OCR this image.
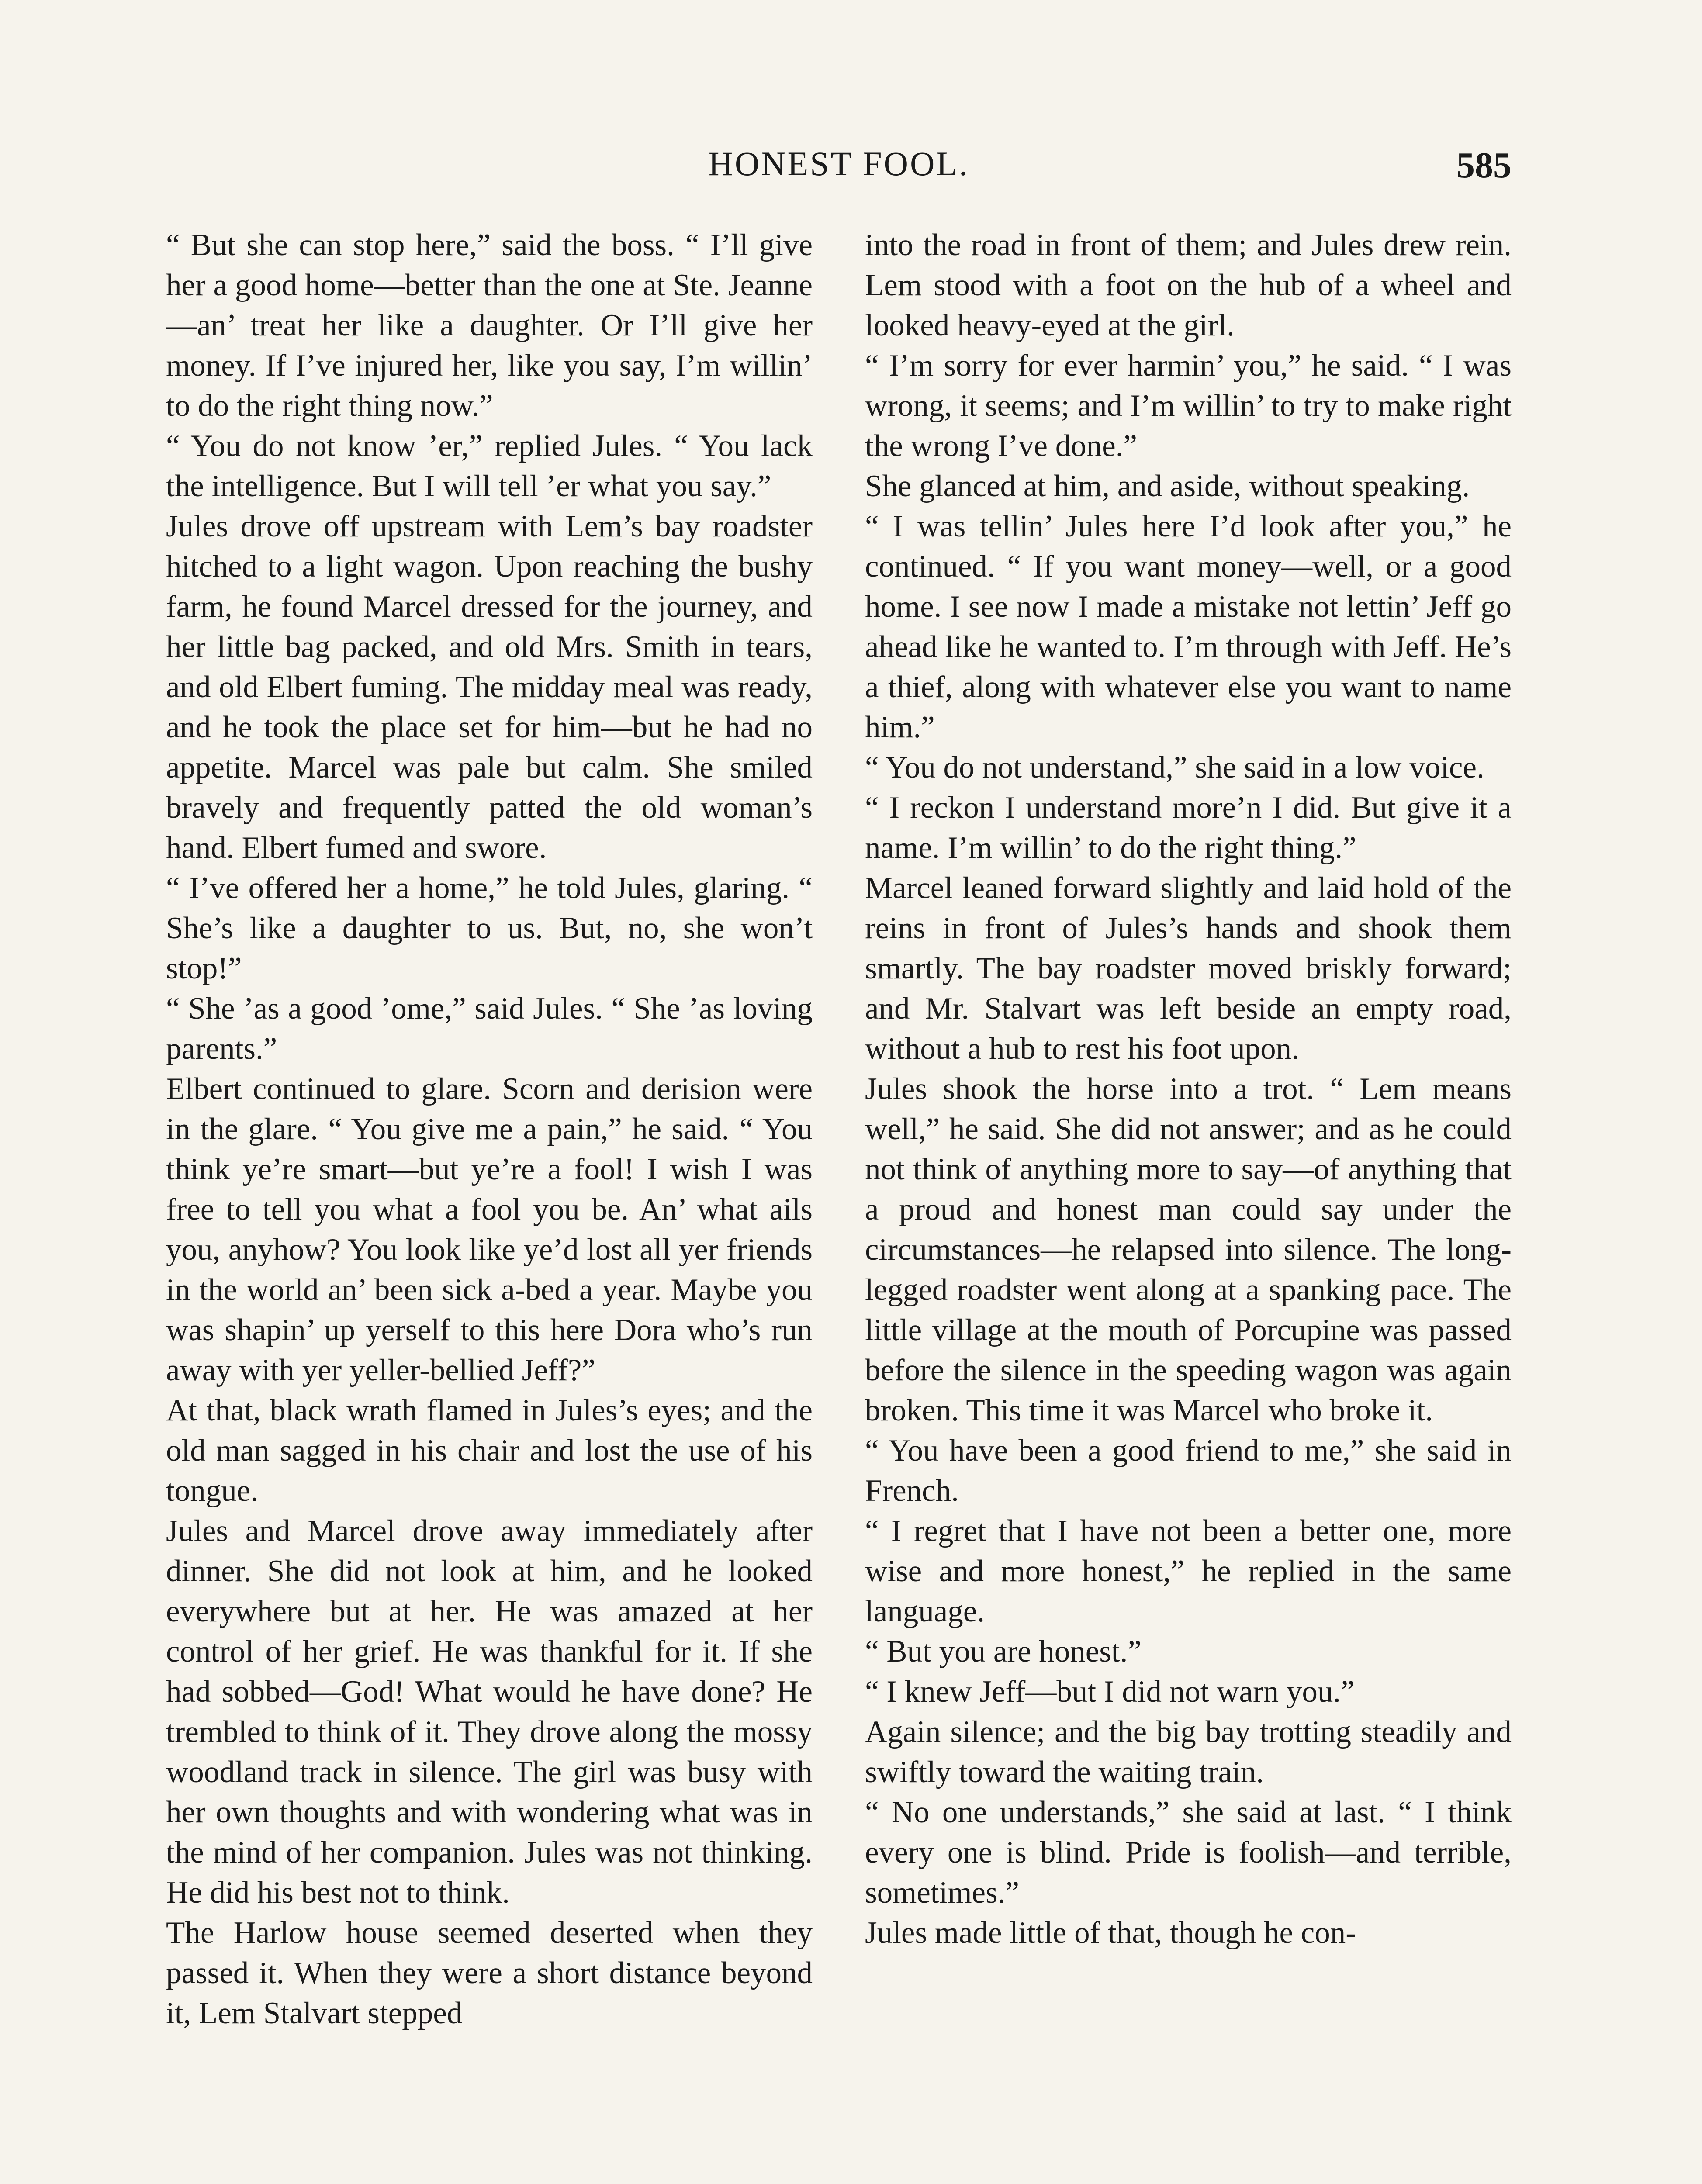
HONEST FOOL.	585

“ But she can stop here,” said the boss. “ I’ll give her a good home—better than the one at Ste. Jeanne—an’ treat her like a daughter. Or I’ll give her money. If I’ve injured her, like you say, I’m willin’ to do the right thing now.”

“ You do not know ’er,” replied Jules. “ You lack the intelligence. But I will tell ’er what you say.”

Jules drove off upstream with Lem’s bay roadster hitched to a light wagon. Upon reaching the bushy farm, he found Marcel dressed for the journey, and her little bag packed, and old Mrs. Smith in tears, and old Elbert fuming. The midday meal was ready, and he took the place set for him—but he had no appetite. Marcel was pale but calm. She smiled bravely and frequently patted the old woman’s hand. Elbert fumed and swore.

“ I’ve offered her a home,” he told Jules, glaring. “ She’s like a daughter to us. But, no, she won’t stop!”

“ She ’as a good ’ome,” said Jules. “ She ’as loving parents.”

Elbert continued to glare. Scorn and derision were in the glare. “ You give me a pain,” he said. “ You think ye’re smart—but ye’re a fool! I wish I was free to tell you what a fool you be. An’ what ails you, anyhow? You look like ye’d lost all yer friends in the world an’ been sick a-bed a year. Maybe you was shapin’ up yerself to this here Dora who’s run away with yer yeller-bellied Jeff?”

At that, black wrath flamed in Jules’s eyes; and the old man sagged in his chair and lost the use of his tongue.

Jules and Marcel drove away immediately after dinner. She did not look at him, and he looked everywhere but at her. He was amazed at her control of her grief. He was thankful for it. If she had sobbed—God! What would he have done? He trembled to think of it. They drove along the mossy woodland track in silence. The girl was busy with her own thoughts and with wondering what was in the mind of her companion. Jules was not thinking. He did his best not to think.

The Harlow house seemed deserted when they passed it. When they were a short distance beyond it, Lem Stalvart stepped

into the road in front of them; and Jules drew rein. Lem stood with a foot on the hub of a wheel and looked heavy-eyed at the girl.

“ I’m sorry for ever harmin’ you,” he said. “ I was wrong, it seems; and I’m willin’ to try to make right the wrong I’ve done.”

She glanced at him, and aside, without speaking.

“ I was tellin’ Jules here I’d look after you,” he continued. “ If you want money—well, or a good home. I see now I made a mistake not lettin’ Jeff go ahead like he wanted to. I’m through with Jeff. He’s a thief, along with whatever else you want to name him.”

“ You do not understand,” she said in a low voice.

“ I reckon I understand more’n I did. But give it a name. I’m willin’ to do the right thing.”

Marcel leaned forward slightly and laid hold of the reins in front of Jules’s hands and shook them smartly. The bay roadster moved briskly forward; and Mr. Stalvart was left beside an empty road, without a hub to rest his foot upon.

Jules shook the horse into a trot. “ Lem means well,” he said. She did not answer; and as he could not think of anything more to say—of anything that a proud and honest man could say under the circumstances—he relapsed into silence. The long-legged roadster went along at a spanking pace. The little village at the mouth of Porcupine was passed before the silence in the speeding wagon was again broken. This time it was Marcel who broke it.

“ You have been a good friend to me,” she said in French.

“ I regret that I have not been a better one, more wise and more honest,” he replied in the same language.

“ But you are honest.”

“ I knew Jeff—but I did not warn you.”

Again silence; and the big bay trotting steadily and swiftly toward the waiting train.

“ No one understands,” she said at last. “ I think every one is blind. Pride is foolish—and terrible, sometimes.”

Jules made little of that, though he con-
